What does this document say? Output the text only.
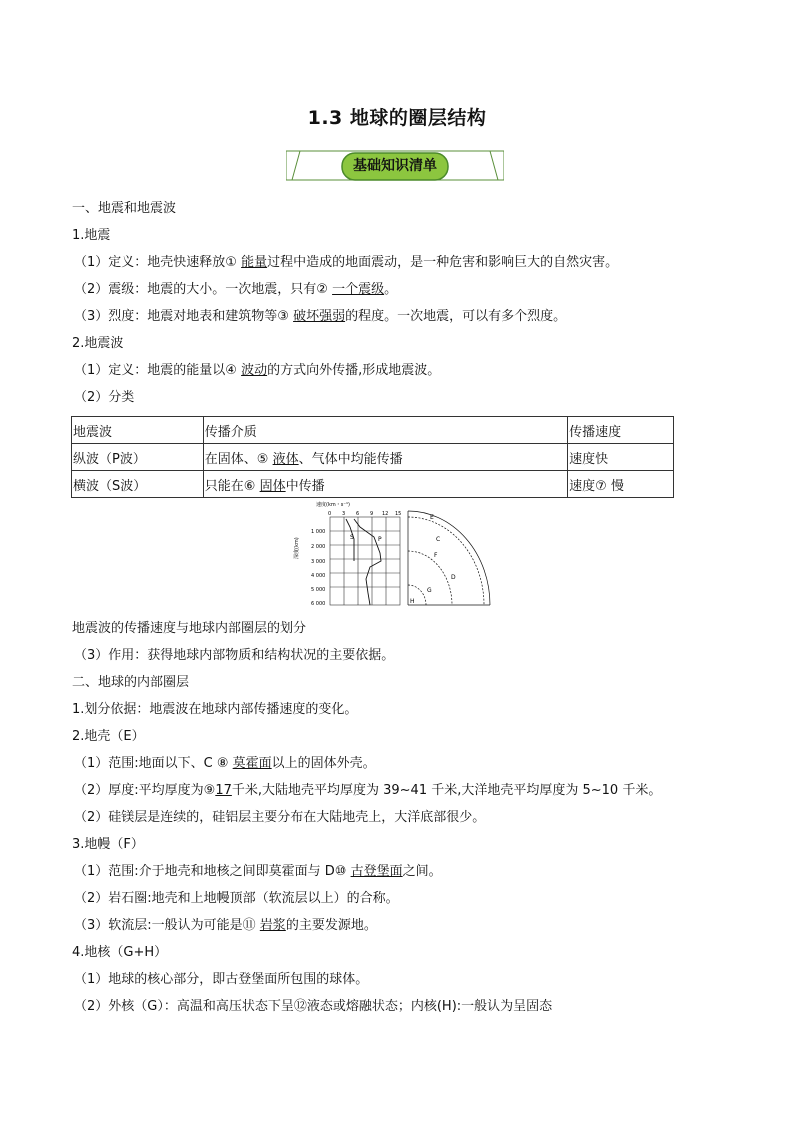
1.3 地球的圈层结构
基础知识清单
一、地震和地震波
1.地震
（1）定义：地壳快速释放① 能量过程中造成的地面震动，是一种危害和影响巨大的自然灾害。
（2）震级：地震的大小。一次地震，只有② 一个震级。
（3）烈度：地震对地表和建筑物等③ 破坏强弱的程度。一次地震，可以有多个烈度。
2.地震波
（1）定义：地震的能量以④ 波动的方式向外传播,形成地震波。
（2）分类
地震波	传播介质	传播速度
纵波（P波）	在固体、⑤ 液体、气体中均能传播	速度快
横波（S波）	只能在⑥ 固体中传播	速度⑦ 慢
速度(km・s⁻¹)
0 3 6 9 12 15
深度(km)
1 000
2 000
3 000
4 000
5 000
6 000
S	P
E
C
F
D
G
H
地震波的传播速度与地球内部圈层的划分
（3）作用：获得地球内部物质和结构状况的主要依据。
二、地球的内部圈层
1.划分依据：地震波在地球内部传播速度的变化。
2.地壳（E）
（1）范围:地面以下、C ⑧ 莫霍面以上的固体外壳。
（2）厚度:平均厚度为⑨17千米,大陆地壳平均厚度为 39~41 千米,大洋地壳平均厚度为 5~10 千米。
（2）硅镁层是连续的，硅铝层主要分布在大陆地壳上，大洋底部很少。
3.地幔（F）
（1）范围:介于地壳和地核之间即莫霍面与 D⑩ 古登堡面之间。
（2）岩石圈:地壳和上地幔顶部（软流层以上）的合称。
（3）软流层:一般认为可能是⑪ 岩浆的主要发源地。
4.地核（G+H）
（1）地球的核心部分，即古登堡面所包围的球体。
（2）外核（G）：高温和高压状态下呈⑫液态或熔融状态；内核(H):一般认为呈固态
